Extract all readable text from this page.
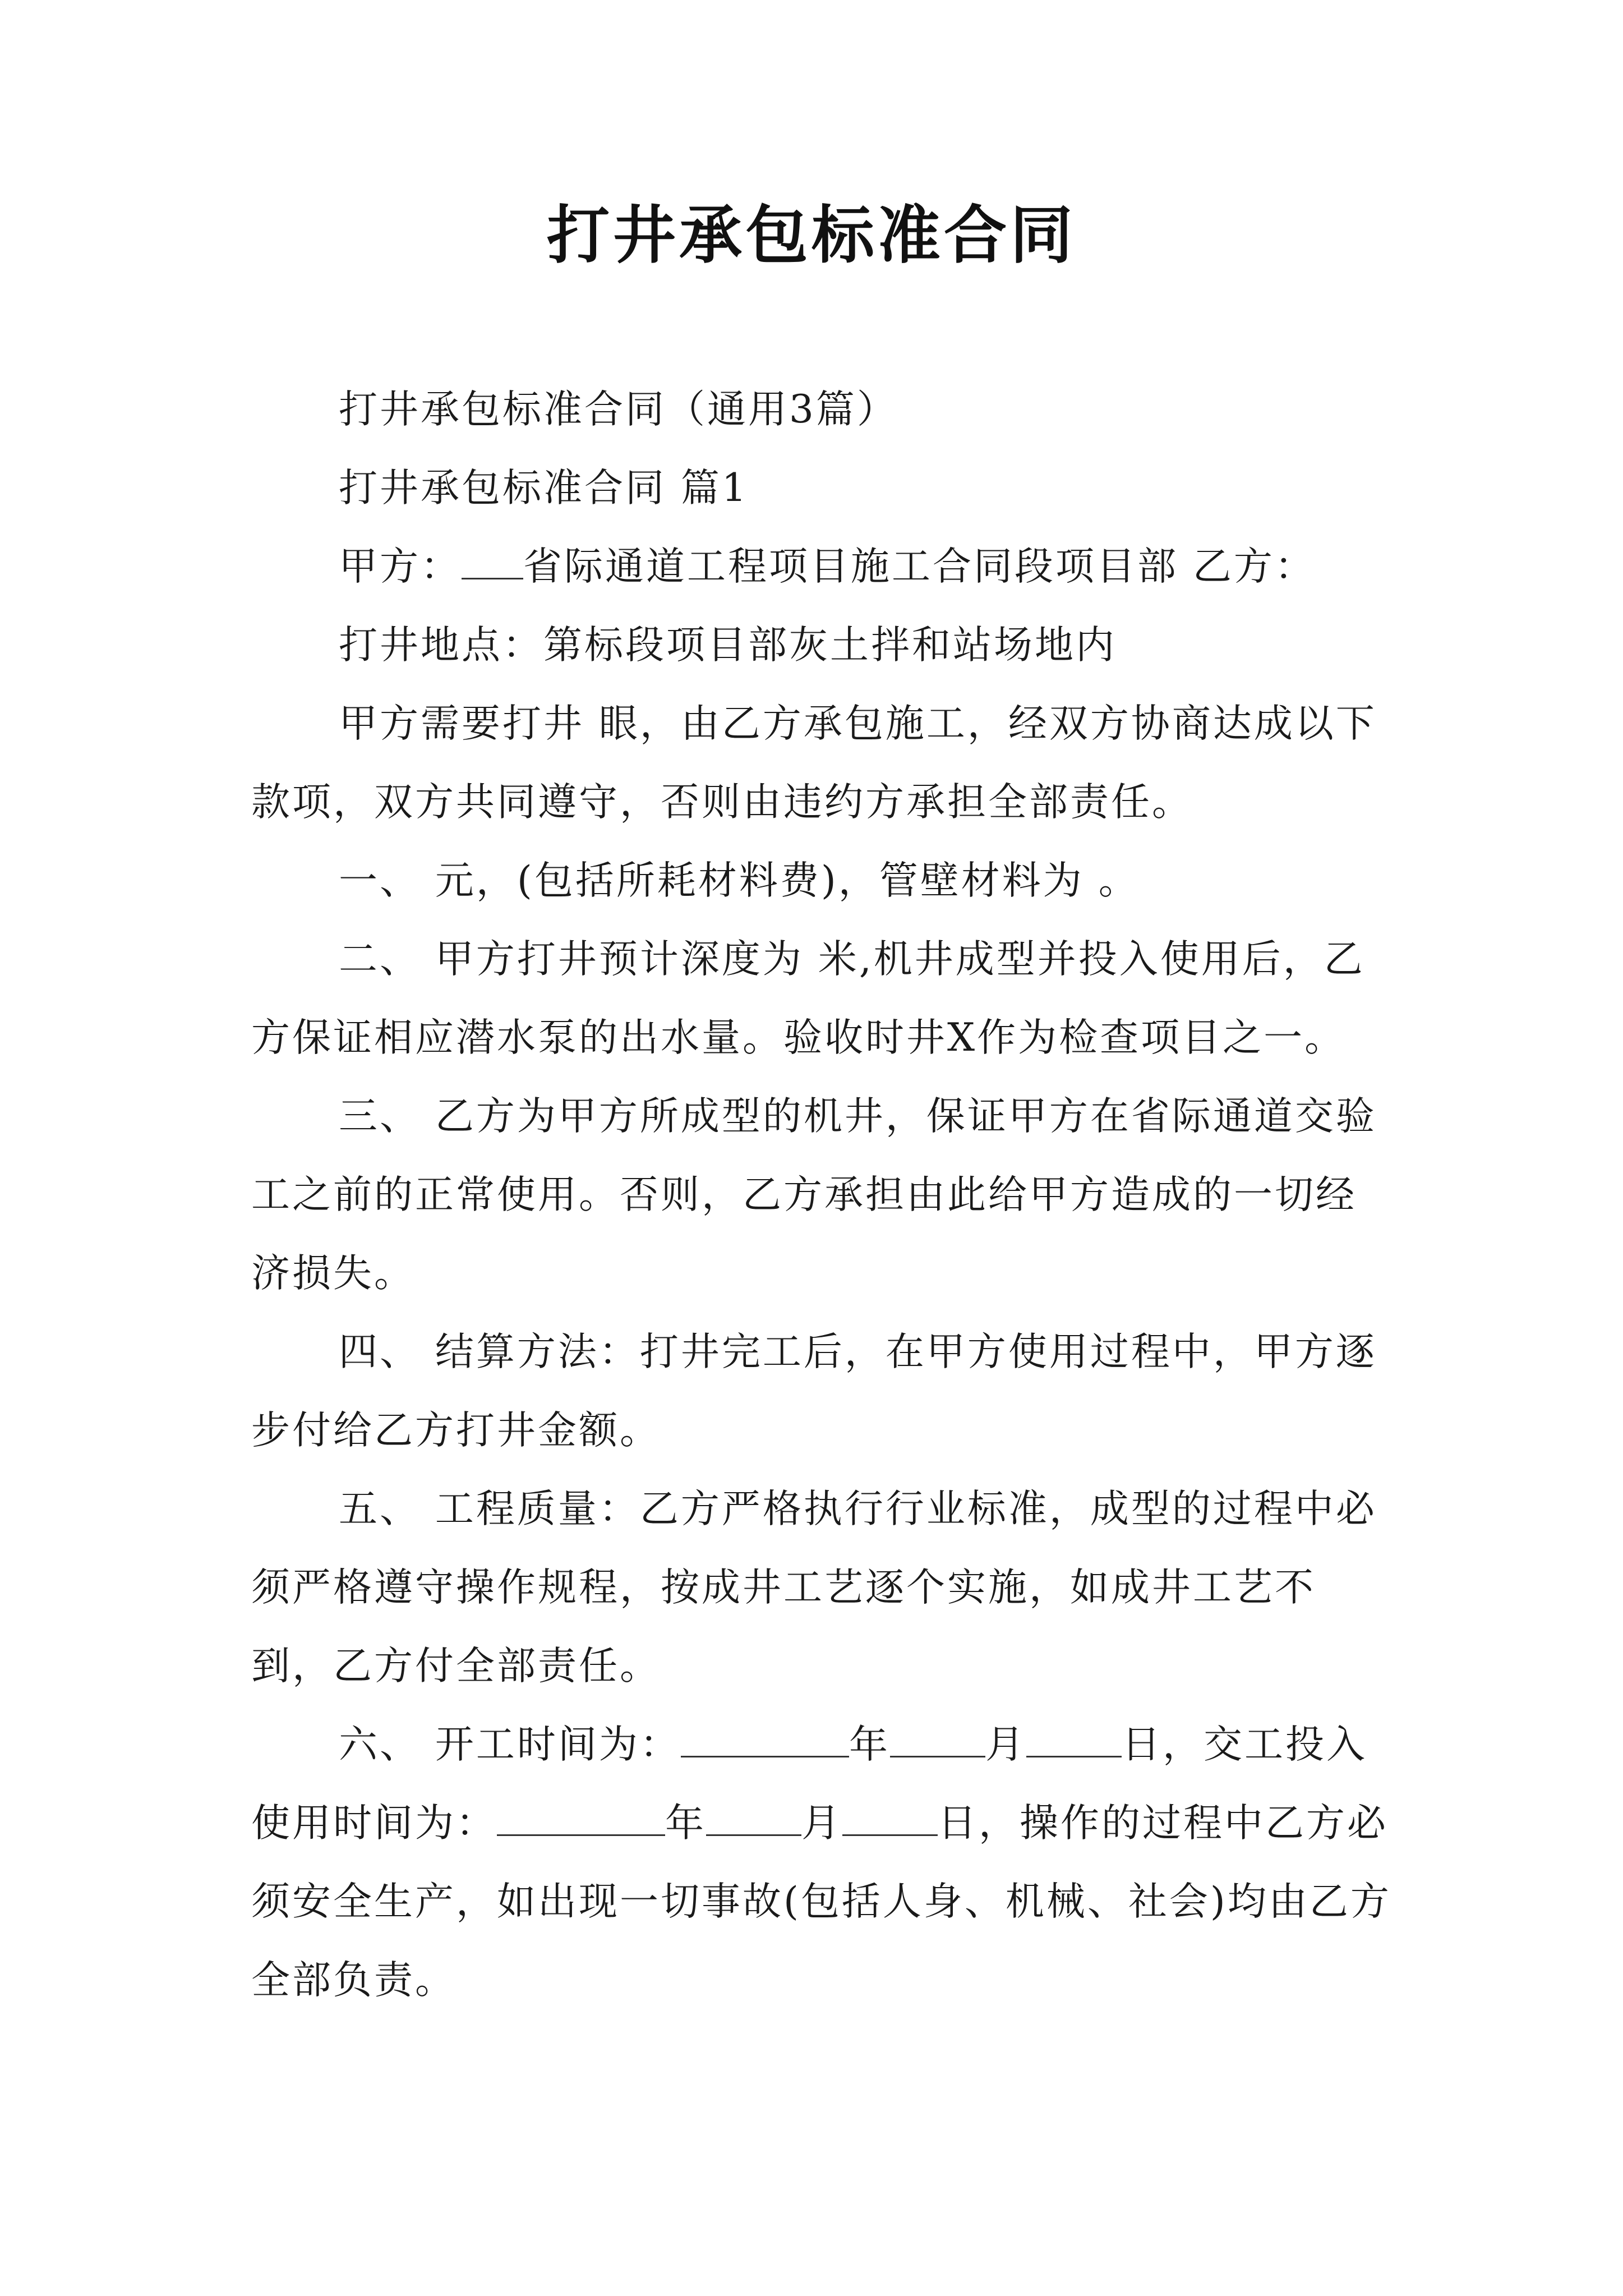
打井承包标准合同

打井承包标准合同（通用3篇）

打井承包标准合同 篇1

甲方： 省际通道工程项目施工合同段项目部 乙方：

打井地点：第标段项目部灰土拌和站场地内

甲方需要打井 眼，由乙方承包施工，经双方协商达成以下款项，双方共同遵守，否则由违约方承担全部责任。

一、 元，(包括所耗材料费)，管壁材料为 。

二、 甲方打井预计深度为 米,机井成型并投入使用后，乙方保证相应潜水泵的出水量。验收时井X作为检查项目之一。

三、 乙方为甲方所成型的机井，保证甲方在省际通道交验工之前的正常使用。否则，乙方承担由此给甲方造成的一切经济损失。

四、 结算方法：打井完工后，在甲方使用过程中，甲方逐步付给乙方打井金额。

五、 工程质量：乙方严格执行行业标准，成型的过程中必须严格遵守操作规程，按成井工艺逐个实施，如成井工艺不到，乙方付全部责任。

六、 开工时间为：	年 月 日，交工投入使用时间为：	年 月 日，操作的过程中乙方必须安全生产，如出现一切事故(包括人身、机械、社会)均由乙方全部负责。
